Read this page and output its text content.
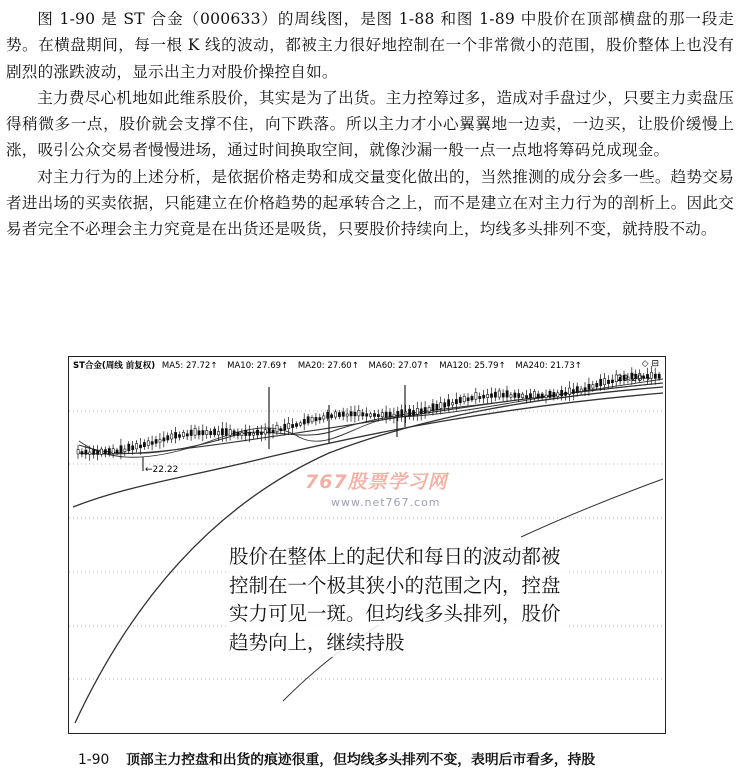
图 1-90 是 ST 合金（000633）的周线图，是图 1-88 和图 1-89 中股价在顶部横盘的那一段走势。在横盘期间，每一根 K 线的波动，都被主力很好地控制在一个非常微小的范围，股价整体上也没有剧烈的涨跌波动，显示出主力对股价操控自如。

主力费尽心机地如此维系股价，其实是为了出货。主力控筹过多，造成对手盘过少，只要主力卖盘压得稍微多一点，股价就会支撑不住，向下跌落。所以主力才小心翼翼地一边卖，一边买，让股价缓慢上涨，吸引公众交易者慢慢进场，通过时间换取空间，就像沙漏一般一点一点地将筹码兑成现金。

对主力行为的上述分析，是依据价格走势和成交量变化做出的，当然推测的成分会多一些。趋势交易者进出场的买卖依据，只能建立在价格趋势的起承转合之上，而不是建立在对主力行为的剖析上。因此交易者完全不必理会主力究竟是在出货还是吸货，只要股价持续向上，均线多头排列不变，就持股不动。

ST合金(周线 前复权) MA5: 27.72↑ MA10: 27.69↑ MA20: 27.60↑ MA60: 27.07↑ MA120: 25.79↑ MA240: 21.73↑	◇ ⊟
←22.22
29.20→
767股票学习网
www.net767.com
股价在整体上的起伏和每日的波动都被控制在一个极其狭小的范围之内，控盘实力可见一斑。但均线多头排列，股价趋势向上，继续持股
1-90 顶部主力控盘和出货的痕迹很重，但均线多头排列不变，表明后市看多，持股
